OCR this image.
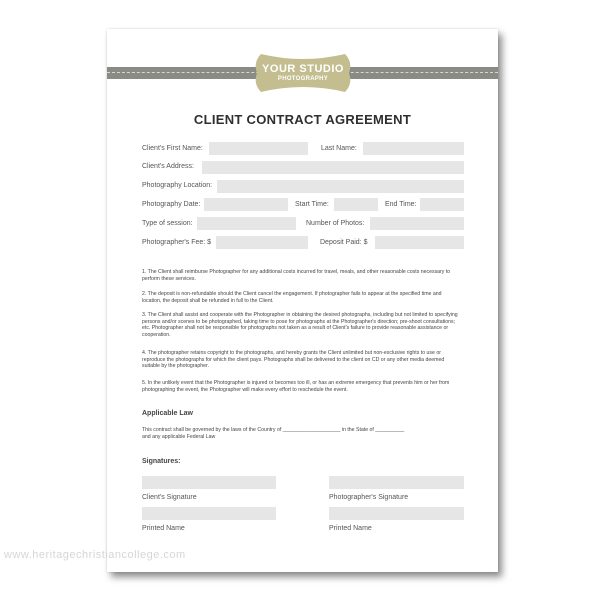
YOUR STUDIO
PHOTOGRAPHY
CLIENT CONTRACT AGREEMENT
Client's First Name:	Last Name:
Client's Address:
Photography Location:
Photography Date:	Start Time:	End Time:
Type of session:	Number of Photos:
Photographer's Fee: $	Deposit Paid: $
1. The Client shall reimburse Photographer for any additional costs incurred for travel, meals, and other reasonable costs necessary to perform these services.
2. The deposit is non-refundable should the Client cancel the engagement. If photographer fails to appear at the specified time and location, the deposit shall be refunded in full to the Client.
3. The Client shall assist and cooperate with the Photographer in obtaining the desired photographs, including but not limited to specifying persons and/or scenes to be photographed, taking time to pose for photographs at the Photographer's direction; pre-shoot consultations; etc. Photographer shall not be responsible for photographs not taken as a result of Client's failure to provide reasonable assistance or cooperation.
4. The photographer retains copyright to the photographs, and hereby grants the Client unlimited but non-exclusive rights to use or reproduce the photographs for which the client pays. Photographs shall be delivered to the client on CD or any other media deemed suitable by the photographer.
5. In the unlikely event that the Photographer is injured or becomes too ill, or has an extreme emergency that prevents him or her from photographing the event, the Photographer will make every effort to reschedule the event.
Applicable Law
This contract shall be governed by the laws of the Country of ____________________ in the State of __________
and any applicable Federal Law
Signatures:
Client's Signature	Photographer's Signature
Printed Name	Printed Name
www.heritagechristiancollege.com
